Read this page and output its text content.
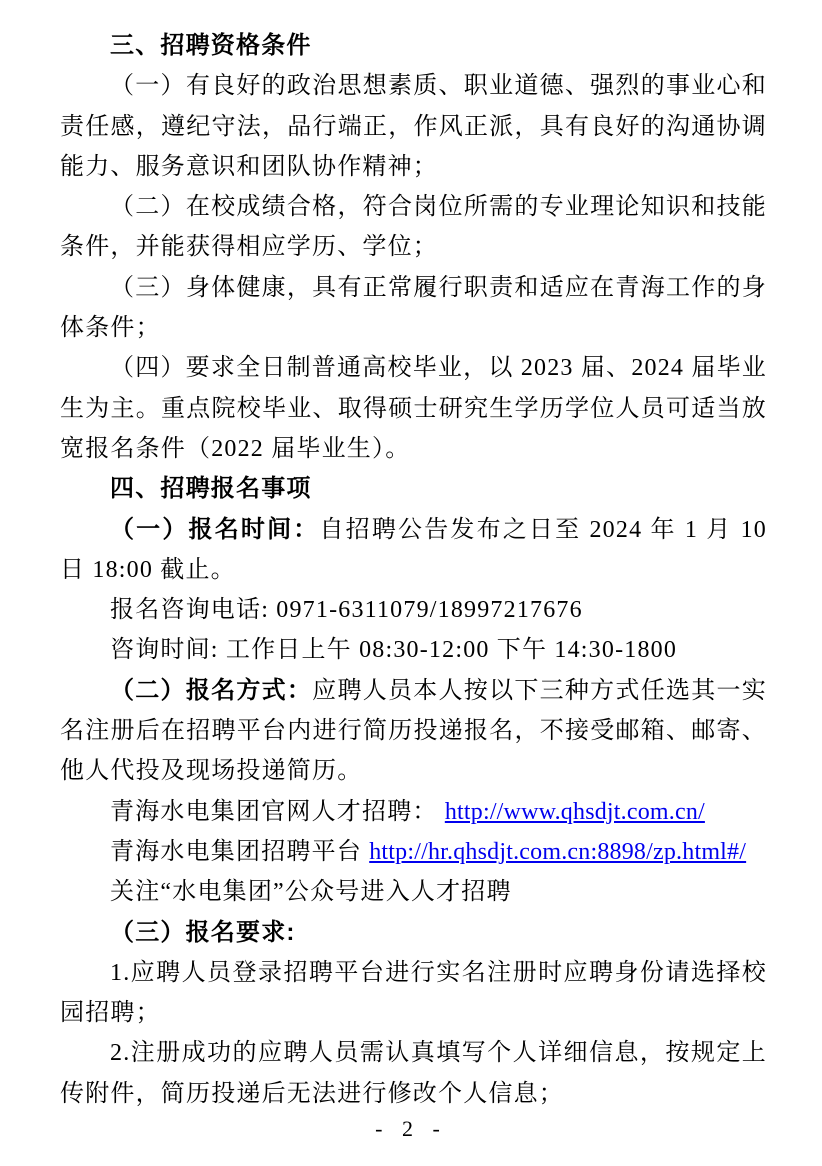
三、招聘资格条件

（一）有良好的政治思想素质、职业道德、强烈的事业心和责任感，遵纪守法，品行端正，作风正派，具有良好的沟通协调能力、服务意识和团队协作精神；

（二）在校成绩合格，符合岗位所需的专业理论知识和技能条件，并能获得相应学历、学位；

（三）身体健康，具有正常履行职责和适应在青海工作的身体条件；

（四）要求全日制普通高校毕业，以 2023 届、2024 届毕业生为主。重点院校毕业、取得硕士研究生学历学位人员可适当放宽报名条件（2022 届毕业生）。

四、招聘报名事项

（一）报名时间：自招聘公告发布之日至 2024 年 1 月 10 日 18:00 截止。

报名咨询电话: 0971-6311079/18997217676

咨询时间: 工作日上午 08:30-12:00 下午 14:30-1800

（二）报名方式：应聘人员本人按以下三种方式任选其一实名注册后在招聘平台内进行简历投递报名，不接受邮箱、邮寄、他人代投及现场投递简历。

青海水电集团官网人才招聘： http://www.qhsdjt.com.cn/

青海水电集团招聘平台 http://hr.qhsdjt.com.cn:8898/zp.html#/

关注“水电集团”公众号进入人才招聘

（三）报名要求:

1.应聘人员登录招聘平台进行实名注册时应聘身份请选择校园招聘；

2.注册成功的应聘人员需认真填写个人详细信息，按规定上传附件，简历投递后无法进行修改个人信息；

- 2 -
